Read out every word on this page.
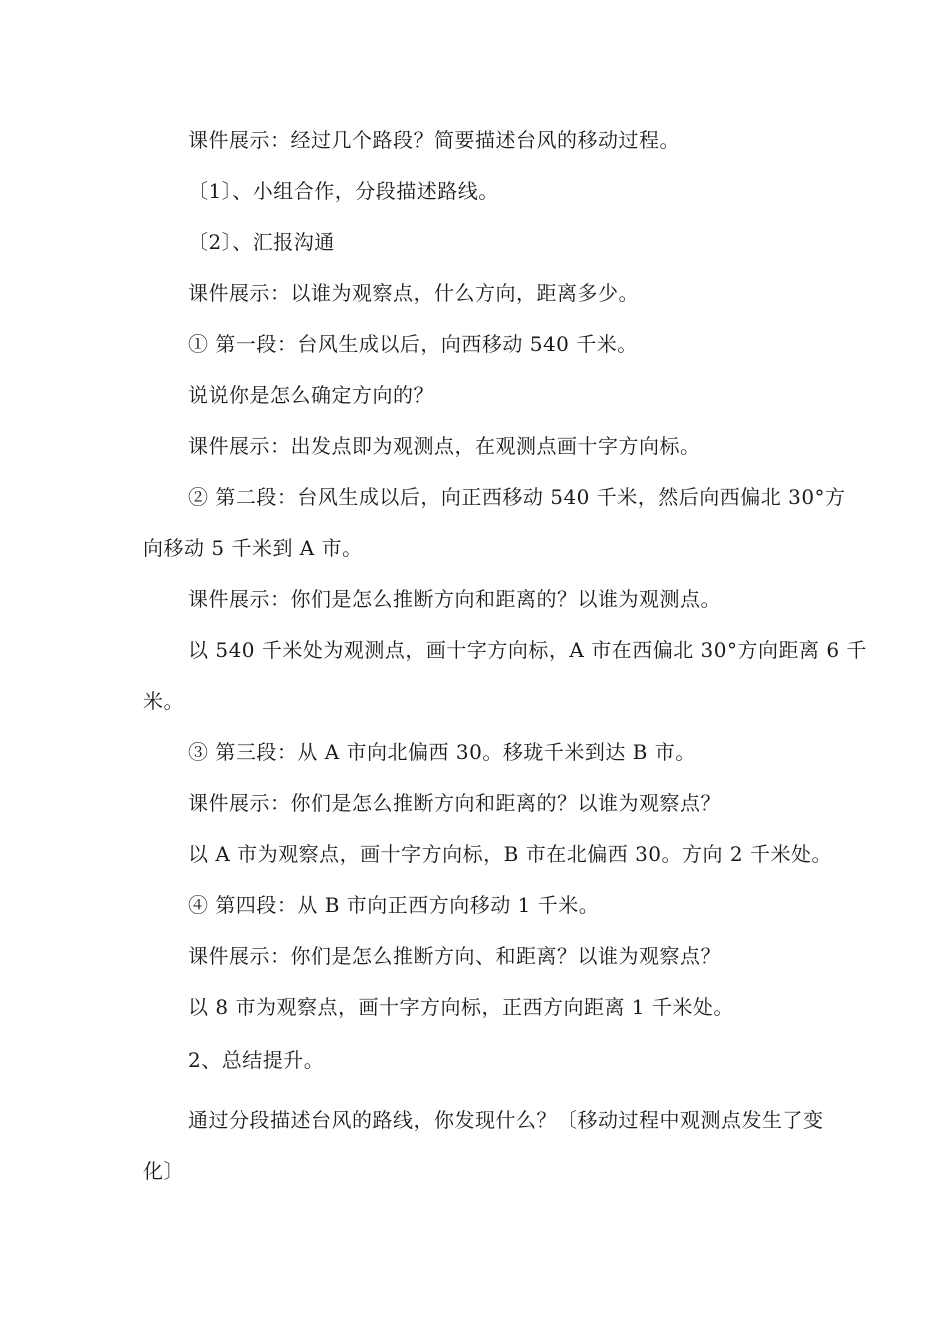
课件展示：经过几个路段？简要描述台风的移动过程。
〔1〕、小组合作，分段描述路线。
〔2〕、汇报沟通
课件展示：以谁为观察点，什么方向，距离多少。
① 第一段：台风生成以后，向西移动 540 千米。
说说你是怎么确定方向的？
课件展示：出发点即为观测点，在观测点画十字方向标。
② 第二段：台风生成以后，向正西移动 540 千米，然后向西偏北 30°方
向移动 5 千米到 A 市。
课件展示：你们是怎么推断方向和距离的？以谁为观测点。
以 540 千米处为观测点，画十字方向标，A 市在西偏北 30°方向距离 6 千
米。
③ 第三段：从 A 市向北偏西 30。移珑千米到达 B 市。
课件展示：你们是怎么推断方向和距离的？以谁为观察点？
以 A 市为观察点，画十字方向标，B 市在北偏西 30。方向 2 千米处。
④ 第四段：从 B 市向正西方向移动 1 千米。
课件展示：你们是怎么推断方向、和距离？以谁为观察点？
以 8 市为观察点，画十字方向标，正西方向距离 1 千米处。
2、总结提升。
通过分段描述台风的路线，你发现什么？〔移动过程中观测点发生了变
化〕
